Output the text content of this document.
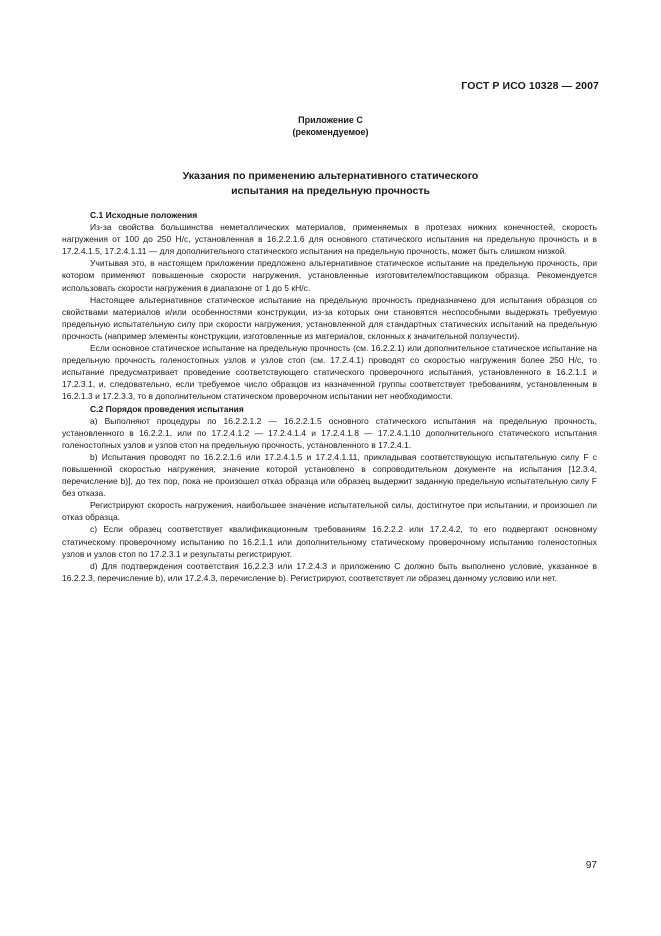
ГОСТ Р ИСО 10328 — 2007
Приложение С
(рекомендуемое)
Указания по применению альтернативного статического
испытания на предельную прочность

С.1 Исходные положения

Из-за свойства большинства неметаллических материалов, применяемых в протезах нижних конечностей, скорость нагружения от 100 до 250 Н/с, установленная в 16.2.2.1.6 для основного статического испытания на предельную прочность и в 17.2.4.1.5, 17.2.4.1.11 — для дополнительного статического испытания на предельную прочность, может быть слишком низкой.

Учитывая это, в настоящем приложении предложено альтернативное статическое испытание на предельную прочность, при котором применяют повышенные скорости нагружения, установленные изготовителем/поставщиком образца. Рекомендуется использовать скорости нагружения в диапазоне от 1 до 5 кН/с.

Настоящее альтернативное статическое испытание на предельную прочность предназначено для испытания образцов со свойствами материалов и/или особенностями конструкции, из-за которых они становятся неспособными выдержать требуемую предельную испытательную силу при скорости нагружения, установленной для стандартных статических испытаний на предельную прочность (например элементы конструкции, изготовленные из материалов, склонных к значительной ползучести).

Если основное статическое испытание на предельную прочность (см. 16.2.2.1) или дополнительное статическое испытание на предельную прочность голеностопных узлов и узлов стоп (см. 17.2.4.1) проводят со скоростью нагружения более 250 Н/с, то испытание предусматривает проведение соответствующего статического проверочного испытания, установленного в 16.2.1.1 и 17.2.3.1, и, следовательно, если требуемое число образцов из назначенной группы соответствует требованиям, установленным в 16.2.1.3 и 17.2.3.3, то в дополнительном статическом проверочном испытании нет необходимости.

С.2 Порядок проведения испытания

а) Выполняют процедуры по 16.2.2.1.2 — 16.2.2.1.5 основного статического испытания на предельную прочность, установленного в 16.2.2.1, или по 17.2.4.1.2 — 17.2.4.1.4 и 17.2.4.1.8 — 17.2.4.1.10 дополнительного статического испытания голеностопных узлов и узлов стоп на предельную прочность, установленного в 17.2.4.1.

b) Испытания проводят по 16.2.2.1.6 или 17.2.4.1.5 и 17.2.4.1.11, прикладывая соответствующую испытательную силу F с повышенной скоростью нагружения, значение которой установлено в сопроводительном документе на испытания [12.3.4, перечисление b)], до тех пор, пока не произошел отказ образца или образец выдержит заданную предельную испытательную силу F без отказа.

Регистрируют скорость нагружения, наибольшее значение испытательной силы, достигнутое при испытании, и произошел ли отказ образца.

с) Если образец соответствует квалификационным требованиям 16.2.2.2 или 17.2.4.2, то его подвергают основному статическому проверочному испытанию по 16.2.1.1 или дополнительному статическому проверочному испытанию голеностопных узлов и узлов стоп по 17.2.3.1 и результаты регистрируют.

d) Для подтверждения соответствия 16.2.2.3 или 17.2.4.3 и приложению С должно быть выполнено условие, указанное в 16.2.2.3, перечисление b), или 17.2.4.3, перечисление b). Регистрируют, соответствует ли образец данному условию или нет.

97
